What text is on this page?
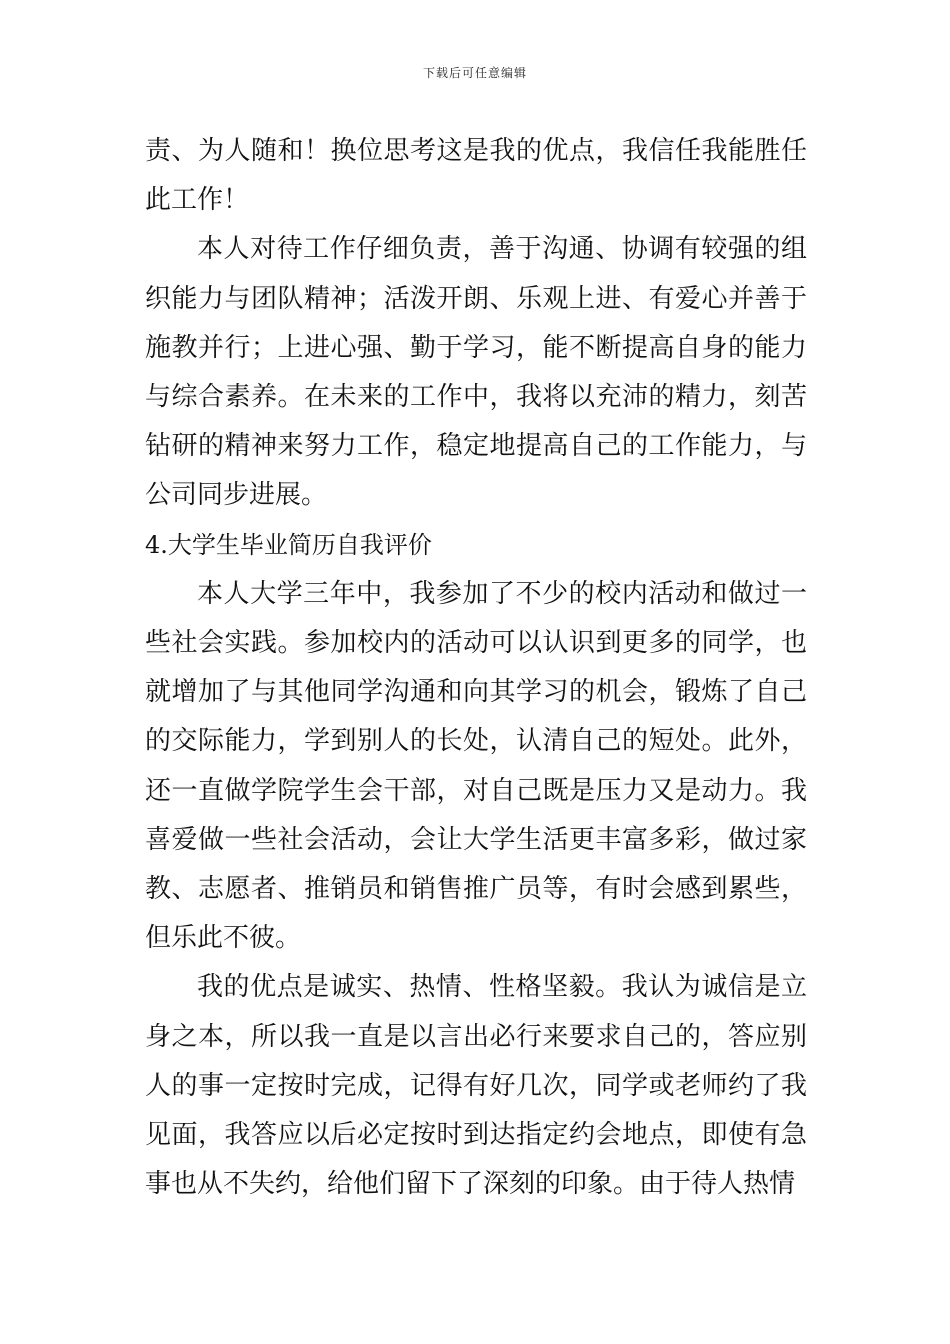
下载后可任意编辑

责、为人随和！换位思考这是我的优点，我信任我能胜任此工作！

本人对待工作仔细负责，善于沟通、协调有较强的组织能力与团队精神；活泼开朗、乐观上进、有爱心并善于施教并行；上进心强、勤于学习，能不断提高自身的能力与综合素养。在未来的工作中，我将以充沛的精力，刻苦钻研的精神来努力工作，稳定地提高自己的工作能力，与公司同步进展。

4.大学生毕业简历自我评价

本人大学三年中，我参加了不少的校内活动和做过一些社会实践。参加校内的活动可以认识到更多的同学，也就增加了与其他同学沟通和向其学习的机会，锻炼了自己的交际能力，学到别人的长处，认清自己的短处。此外，还一直做学院学生会干部，对自己既是压力又是动力。我喜爱做一些社会活动，会让大学生活更丰富多彩，做过家教、志愿者、推销员和销售推广员等，有时会感到累些，但乐此不彼。

我的优点是诚实、热情、性格坚毅。我认为诚信是立身之本，所以我一直是以言出必行来要求自己的，答应别人的事一定按时完成，记得有好几次，同学或老师约了我见面，我答应以后必定按时到达指定约会地点，即使有急事也从不失约，给他们留下了深刻的印象。由于待人热情
